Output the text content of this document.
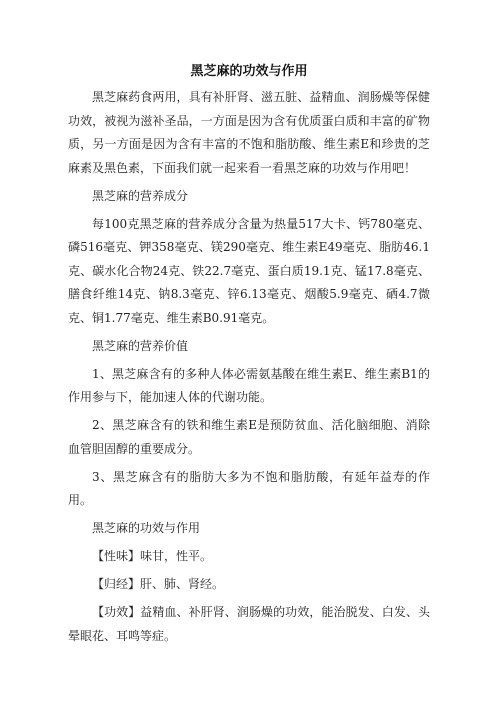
黑芝麻的功效与作用

黑芝麻药食两用，具有补肝肾、滋五脏、益精血、润肠燥等保健功效，被视为滋补圣品，一方面是因为含有优质蛋白质和丰富的矿物质，另一方面是因为含有丰富的不饱和脂肪酸、维生素E和珍贵的芝麻素及黑色素，下面我们就一起来看一看黑芝麻的功效与作用吧！

黑芝麻的营养成分

每100克黑芝麻的营养成分含量为热量517大卡、钙780毫克、磷516毫克、钾358毫克、镁290毫克、维生素E49毫克、脂肪46.1克、碳水化合物24克、铁22.7毫克、蛋白质19.1克、锰17.8毫克、膳食纤维14克、钠8.3毫克、锌6.13毫克、烟酸5.9毫克、硒4.7微克、铜1.77毫克、维生素B0.91毫克。

黑芝麻的营养价值

1、黑芝麻含有的多种人体必需氨基酸在维生素E、维生素B1的作用参与下，能加速人体的代谢功能。

2、黑芝麻含有的铁和维生素E是预防贫血、活化脑细胞、消除血管胆固醇的重要成分。

3、黑芝麻含有的脂肪大多为不饱和脂肪酸，有延年益寿的作用。

黑芝麻的功效与作用

【性味】味甘，性平。

【归经】肝、肺、肾经。

【功效】益精血、补肝肾、润肠燥的功效，能治脱发、白发、头晕眼花、耳鸣等症。
